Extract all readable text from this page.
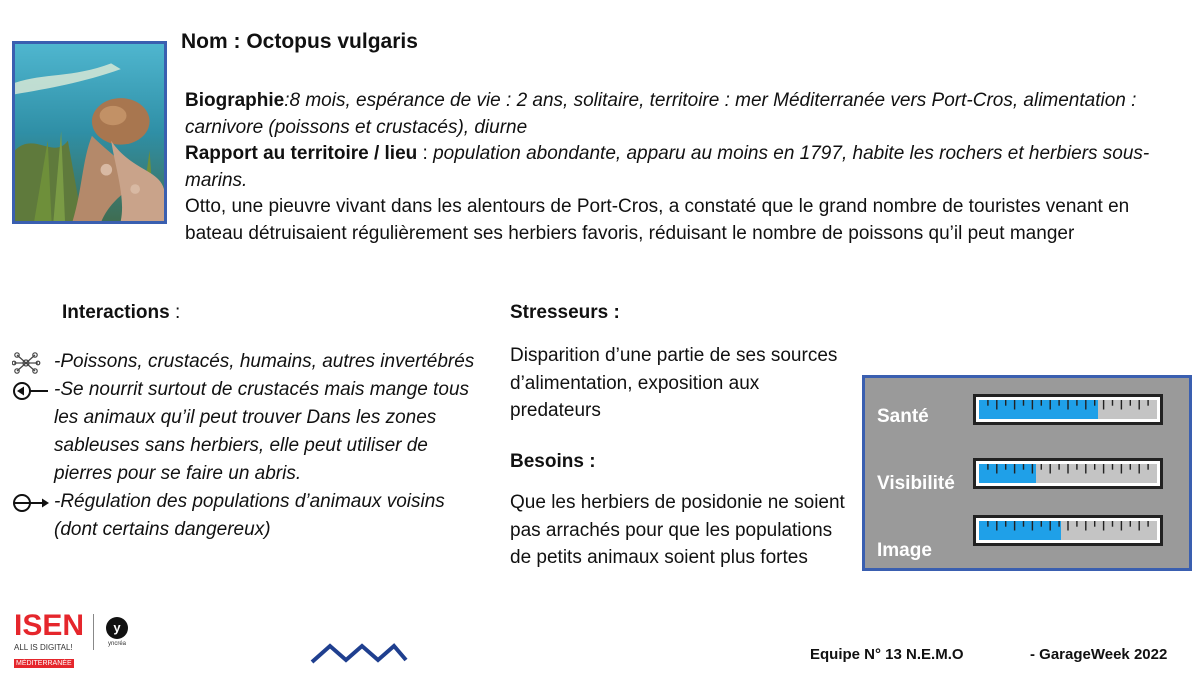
Nom : Octopus vulgaris
Biographie:8 mois, espérance de vie : 2 ans, solitaire, territoire : mer Méditerranée vers Port-Cros, alimentation : carnivore (poissons et crustacés), diurne
Rapport au territoire / lieu : population abondante, apparu au moins en 1797, habite les rochers et herbiers sous-marins.
Otto, une pieuvre vivant dans les alentours de Port-Cros, a constaté que le grand nombre de touristes venant en bateau détruisaient régulièrement ses herbiers favoris, réduisant le nombre de poissons qu’il peut manger
Interactions :
-Poissons, crustacés, humains, autres invertébrés
-Se nourrit surtout de crustacés mais mange tous les animaux qu’il peut trouver Dans les zones sableuses sans herbiers, elle peut utiliser de pierres pour se faire un abris.
-Régulation des populations d’animaux voisins (dont certains dangereux)
Stresseurs :
Disparition d’une partie de ses sources d’alimentation, exposition aux predateurs
Besoins :
Que les herbiers de posidonie ne soient pas arrachés pour que les populations de petits animaux soient plus fortes
Santé
Visibilité
Image
ISEN
ALL IS DIGITAL!
MÉDITERRANÉE
y
yncréa
Equipe N° 13 N.E.M.O	- GarageWeek 2022
